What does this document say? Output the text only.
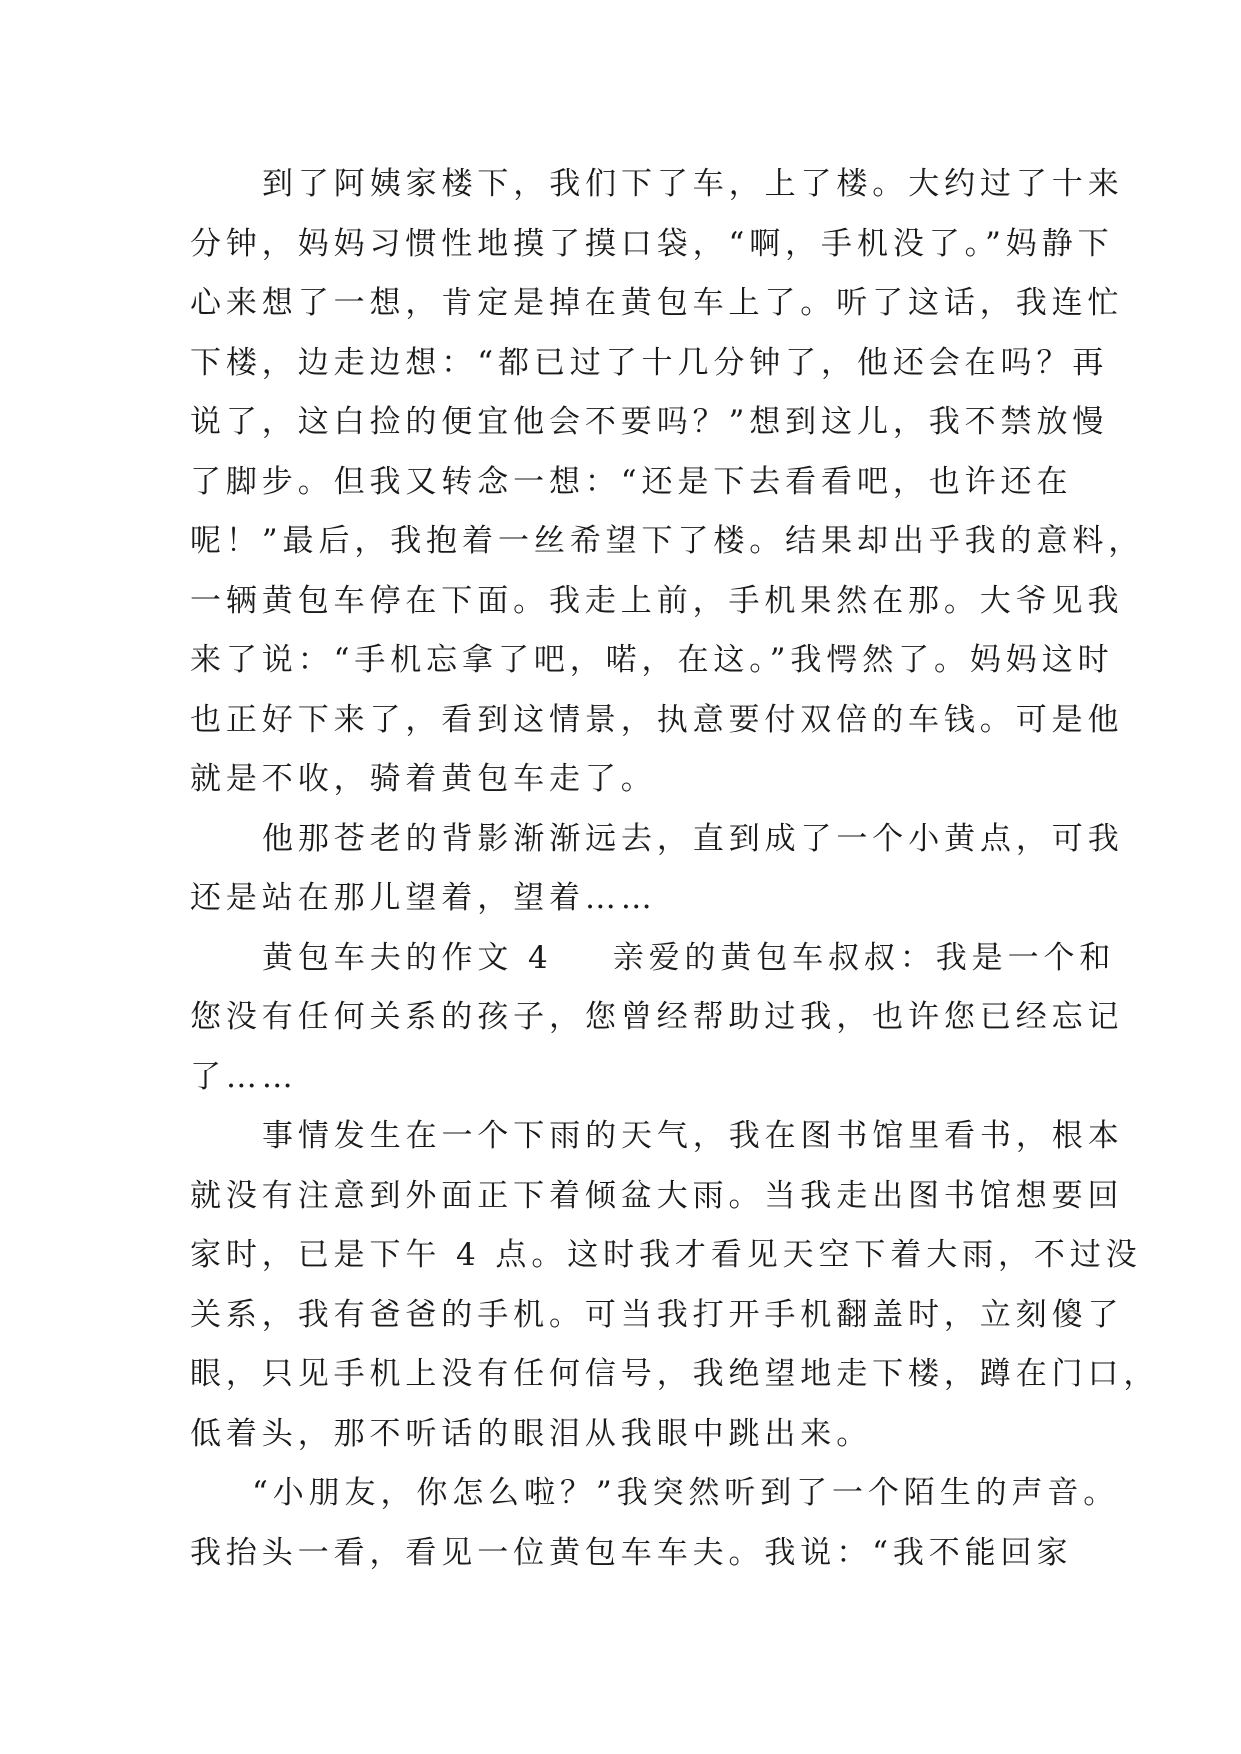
到了阿姨家楼下，我们下了车，上了楼。大约过了十来
分钟，妈妈习惯性地摸了摸口袋，“啊，手机没了。”妈静下
心来想了一想，肯定是掉在黄包车上了。听了这话，我连忙
下楼，边走边想：“都已过了十几分钟了，他还会在吗？再
说了，这白捡的便宜他会不要吗？”想到这儿，我不禁放慢
了脚步。但我又转念一想：“还是下去看看吧，也许还在
呢！”最后，我抱着一丝希望下了楼。结果却出乎我的意料，
一辆黄包车停在下面。我走上前，手机果然在那。大爷见我
来了说：“手机忘拿了吧，喏，在这。”我愕然了。妈妈这时
也正好下来了，看到这情景，执意要付双倍的车钱。可是他
就是不收，骑着黄包车走了。
他那苍老的背影渐渐远去，直到成了一个小黄点，可我
还是站在那儿望着，望着……
黄包车夫的作文 4 亲爱的黄包车叔叔：我是一个和
您没有任何关系的孩子，您曾经帮助过我，也许您已经忘记
了……
事情发生在一个下雨的天气，我在图书馆里看书，根本
就没有注意到外面正下着倾盆大雨。当我走出图书馆想要回
家时，已是下午 4 点。这时我才看见天空下着大雨，不过没
关系，我有爸爸的手机。可当我打开手机翻盖时，立刻傻了
眼，只见手机上没有任何信号，我绝望地走下楼，蹲在门口，
低着头，那不听话的眼泪从我眼中跳出来。
“小朋友，你怎么啦？”我突然听到了一个陌生的声音。
我抬头一看，看见一位黄包车车夫。我说：“我不能回家
